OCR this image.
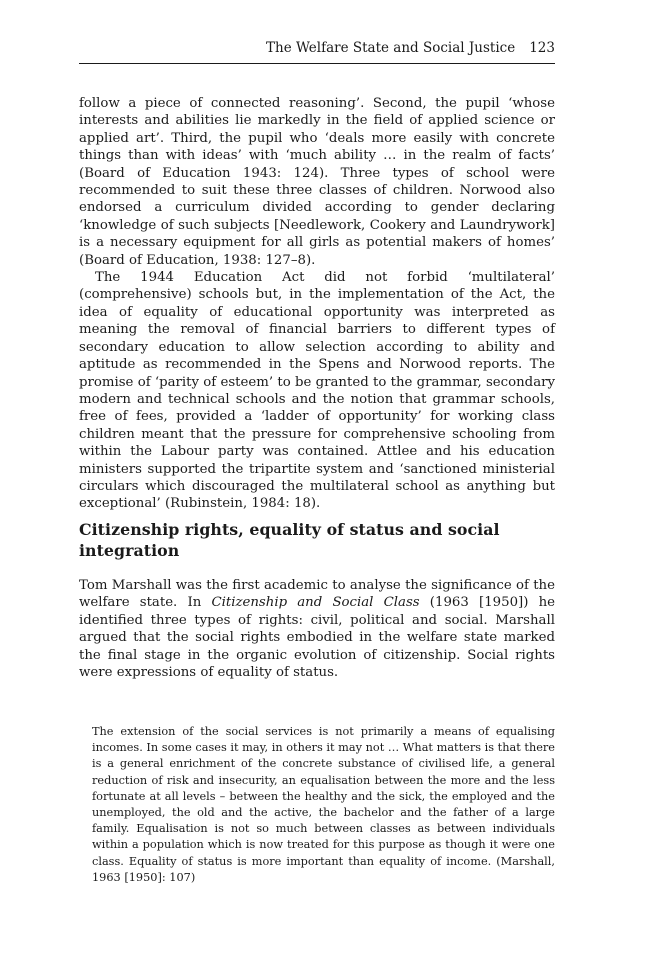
The Welfare State and Social Justice 123

follow a piece of connected reasoning’. Second, the pupil ‘whose interests and abilities lie markedly in the field of applied science or applied art’. Third, the pupil who ‘deals more easily with concrete things than with ideas’ with ‘much ability … in the realm of facts’ (Board of Education 1943: 124). Three types of school were recommended to suit these three classes of children. Norwood also endorsed a curriculum divided according to gender declaring ‘knowledge of such subjects [Needlework, Cookery and Laundrywork] is a necessary equipment for all girls as potential makers of homes’ (Board of Education, 1938: 127–8).

The 1944 Education Act did not forbid ‘multilateral’ (comprehensive) schools but, in the implementation of the Act, the idea of equality of educational opportunity was interpreted as meaning the removal of financial barriers to different types of secondary education to allow selection according to ability and aptitude as recommended in the Spens and Norwood reports. The promise of ‘parity of esteem’ to be granted to the grammar, secondary modern and technical schools and the notion that grammar schools, free of fees, provided a ‘ladder of opportunity’ for working class children meant that the pressure for comprehensive schooling from within the Labour party was contained. Attlee and his education ministers supported the tripartite system and ‘sanctioned ministerial circulars which discouraged the multilateral school as anything but exceptional’ (Rubinstein, 1984: 18).

Citizenship rights, equality of status and social integration

Tom Marshall was the first academic to analyse the significance of the welfare state. In Citizenship and Social Class (1963 [1950]) he identified three types of rights: civil, political and social. Marshall argued that the social rights embodied in the welfare state marked the final stage in the organic evolution of citizenship. Social rights were expressions of equality of status.

The extension of the social services is not primarily a means of equalising incomes. In some cases it may, in others it may not … What matters is that there is a general enrichment of the concrete substance of civilised life, a general reduction of risk and insecurity, an equalisation between the more and the less fortunate at all levels – between the healthy and the sick, the employed and the unemployed, the old and the active, the bachelor and the father of a large family. Equalisation is not so much between classes as between individuals within a population which is now treated for this purpose as though it were one class. Equality of status is more important than equality of income. (Marshall, 1963 [1950]: 107)
